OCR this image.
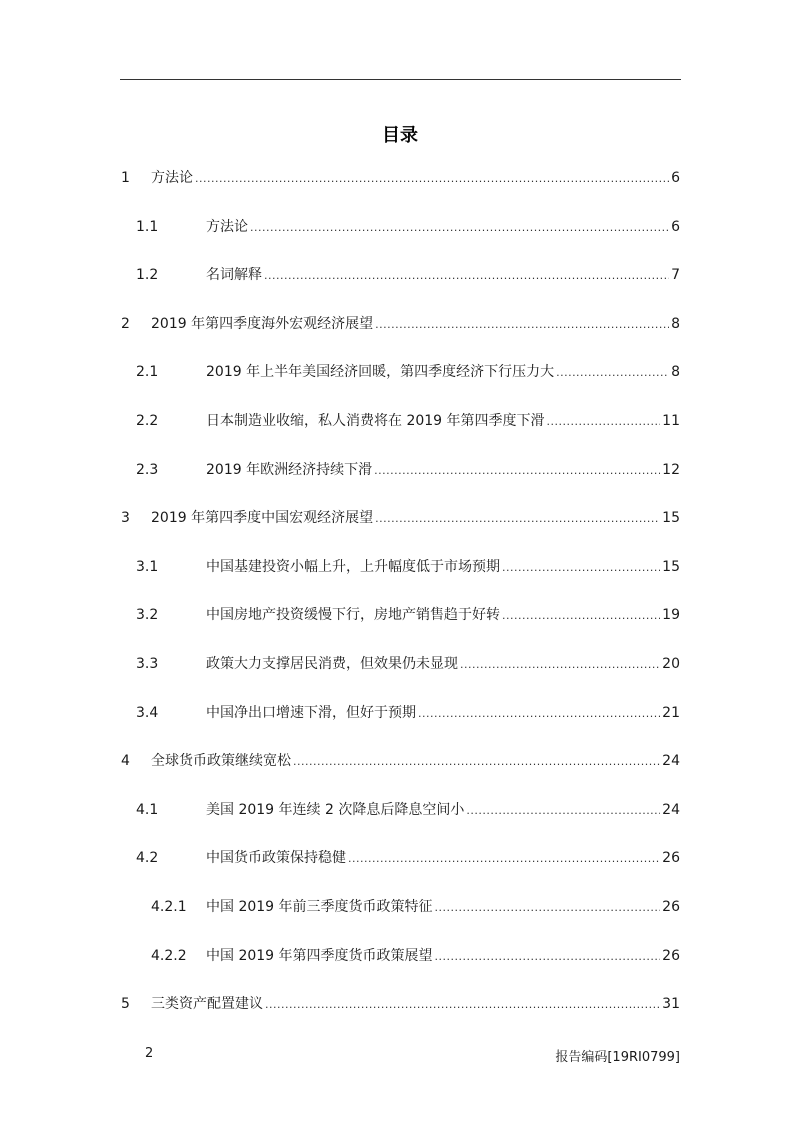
目录
1 方法论 .....	6
1.1	方法论 .....	6
1.2	名词解释 .....	7
2 2019 年第四季度海外宏观经济展望 .....	8
2.1	2019 年上半年美国经济回暖，第四季度经济下行压力大 .....	8
2.2	日本制造业收缩，私人消费将在 2019 年第四季度下滑 .....	11
2.3	2019 年欧洲经济持续下滑 .....	12
3 2019 年第四季度中国宏观经济展望 .....	15
3.1	中国基建投资小幅上升，上升幅度低于市场预期 .....	15
3.2	中国房地产投资缓慢下行，房地产销售趋于好转 .....	19
3.3	政策大力支撑居民消费，但效果仍未显现 .....	20
3.4	中国净出口增速下滑，但好于预期 .....	21
4 全球货币政策继续宽松 .....	24
4.1	美国 2019 年连续 2 次降息后降息空间小 .....	24
4.2	中国货币政策保持稳健 .....	26
4.2.1 中国 2019 年前三季度货币政策特征 .....	26
4.2.2 中国 2019 年第四季度货币政策展望 .....	26
5 三类资产配置建议 .....	31
2	报告编码[19RI0799]
